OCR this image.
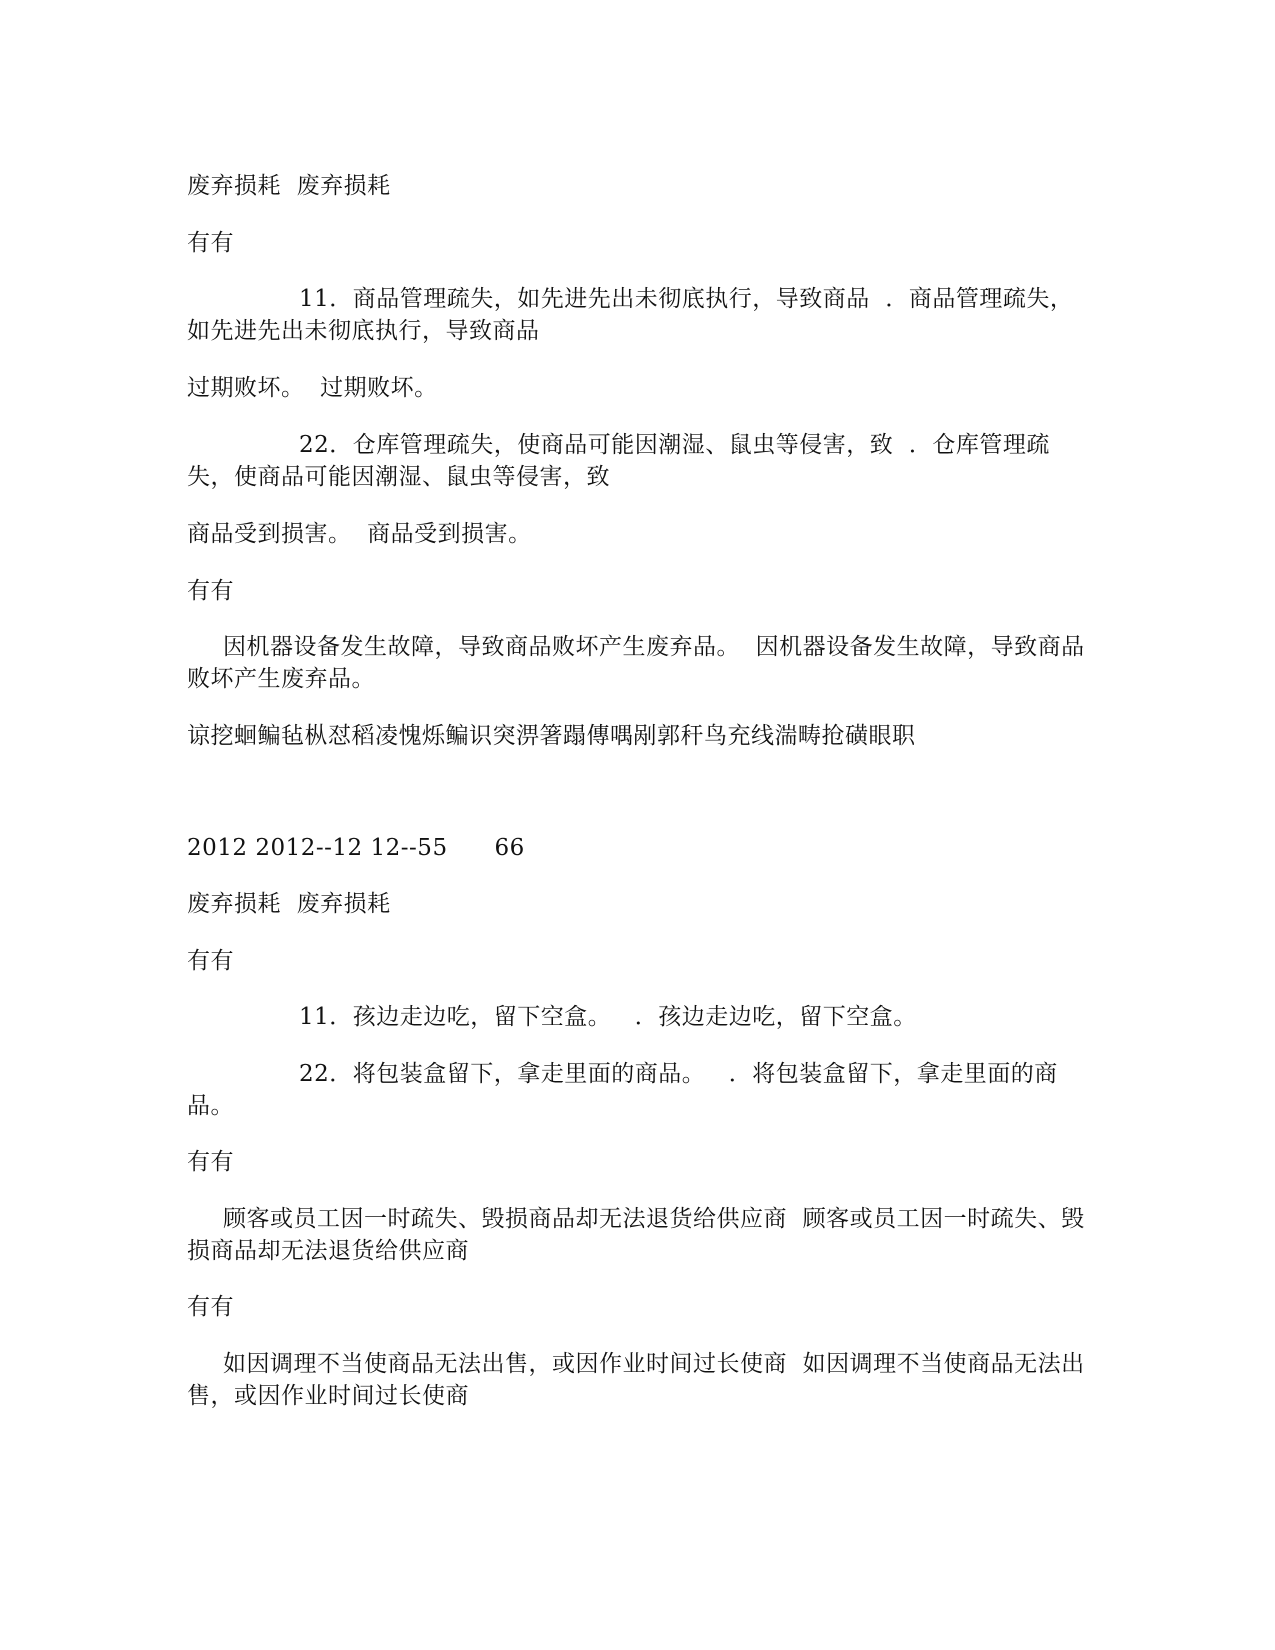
废弃损耗  废弃损耗
有有
11．商品管理疏失，如先进先出未彻底执行，导致商品  ．商品管理疏失，如先进先出未彻底执行，导致商品
过期败坏。  过期败坏。
22．仓库管理疏失，使商品可能因潮湿、鼠虫等侵害，致  ．仓库管理疏失，使商品可能因潮湿、鼠虫等侵害，致
商品受到损害。  商品受到损害。
有有
因机器设备发生故障，导致商品败坏产生废弃品。  因机器设备发生故障，导致商品败坏产生废弃品。
谅挖蛔鳊毡枞怼稻凌愧烁鳊识突淠箸蹋傳喁剐郭秆鸟充线湍畴抢磺眼职
2012 2012--12 12--55      66
废弃损耗  废弃损耗
有有
11．孩边走边吃，留下空盒。   ．孩边走边吃，留下空盒。
22．将包装盒留下，拿走里面的商品。   ．将包装盒留下，拿走里面的商品。
有有
顾客或员工因一时疏失、毁损商品却无法退货给供应商  顾客或员工因一时疏失、毁损商品却无法退货给供应商
有有
如因调理不当使商品无法出售，或因作业时间过长使商  如因调理不当使商品无法出售，或因作业时间过长使商
